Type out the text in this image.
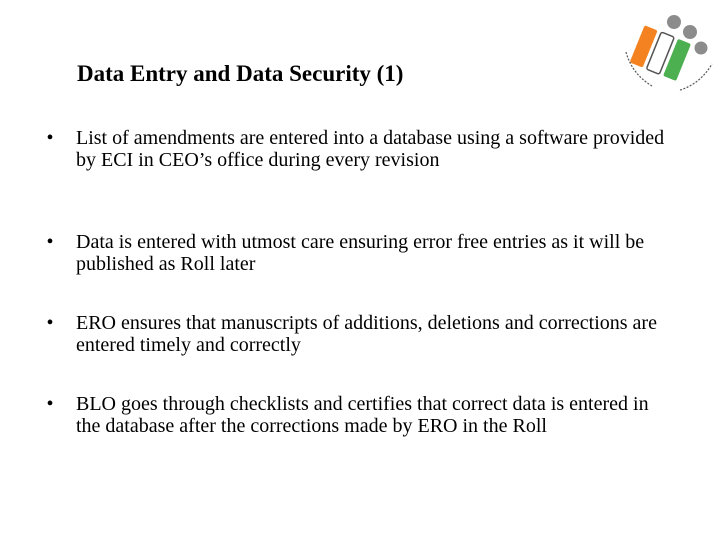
Data Entry and Data Security (1)
•	List of amendments are entered into a database using a software provided by ECI in CEO’s office during every revision
•	Data is entered with utmost care ensuring error free entries as it will be published as Roll later
•	ERO ensures that manuscripts of additions, deletions and corrections are entered timely and correctly
•	BLO goes through checklists and certifies that correct data is entered in the database after the corrections made by ERO in the Roll
